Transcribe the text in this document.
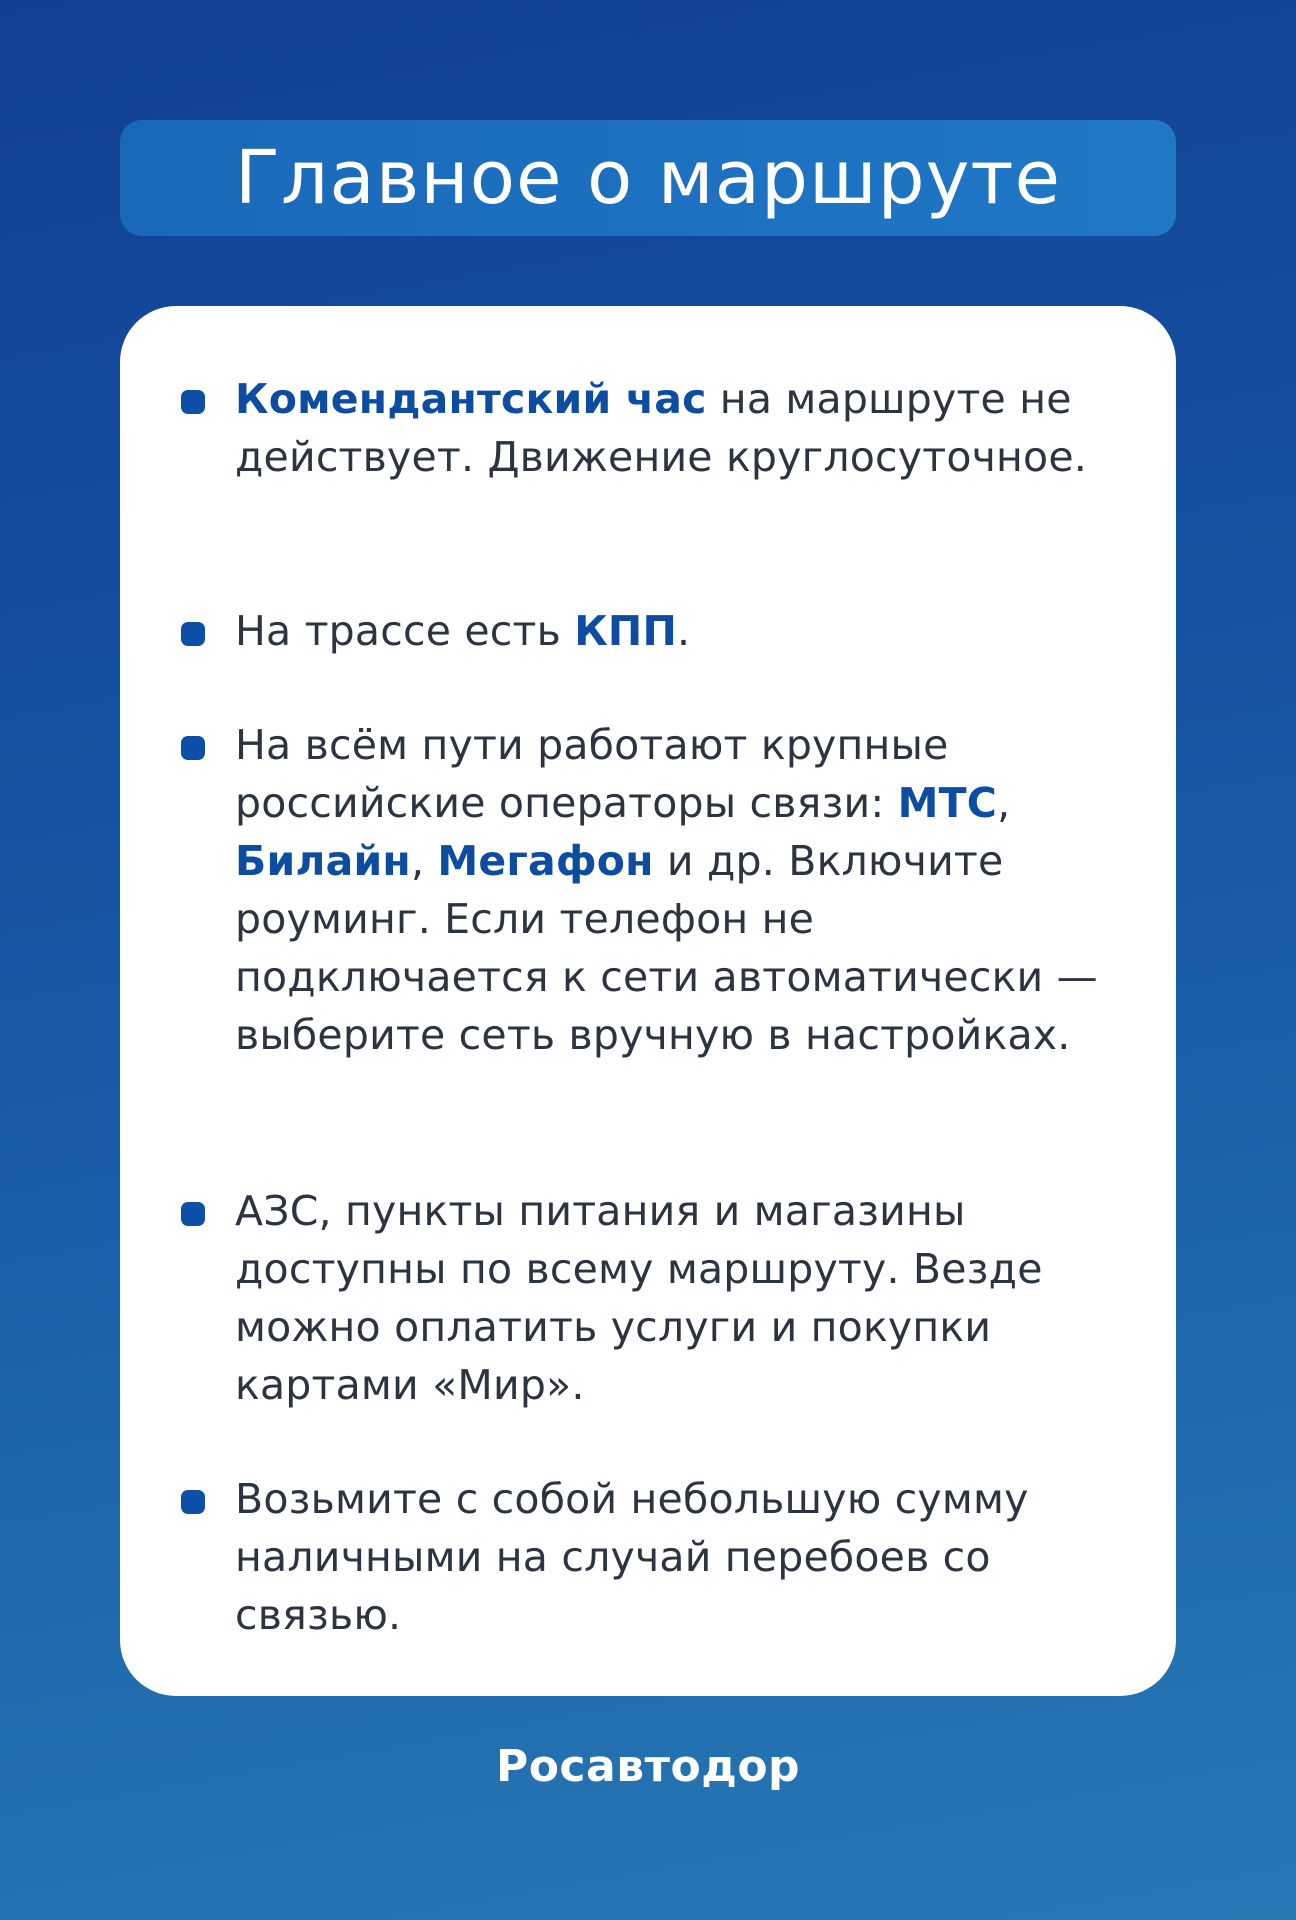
Главное о маршруте
Комендантский час на маршруте не действует. Движение круглосуточное.
На трассе есть КПП.
На всём пути работают крупные российские операторы связи: МТС, Билайн, Мегафон и др. Включите роуминг. Если телефон не подключается к сети автоматически — выберите сеть вручную в настройках.
АЗС, пункты питания и магазины доступны по всему маршруту. Везде можно оплатить услуги и покупки картами «Мир».
Возьмите с собой небольшую сумму наличными на случай перебоев со связью.
Росавтодор
